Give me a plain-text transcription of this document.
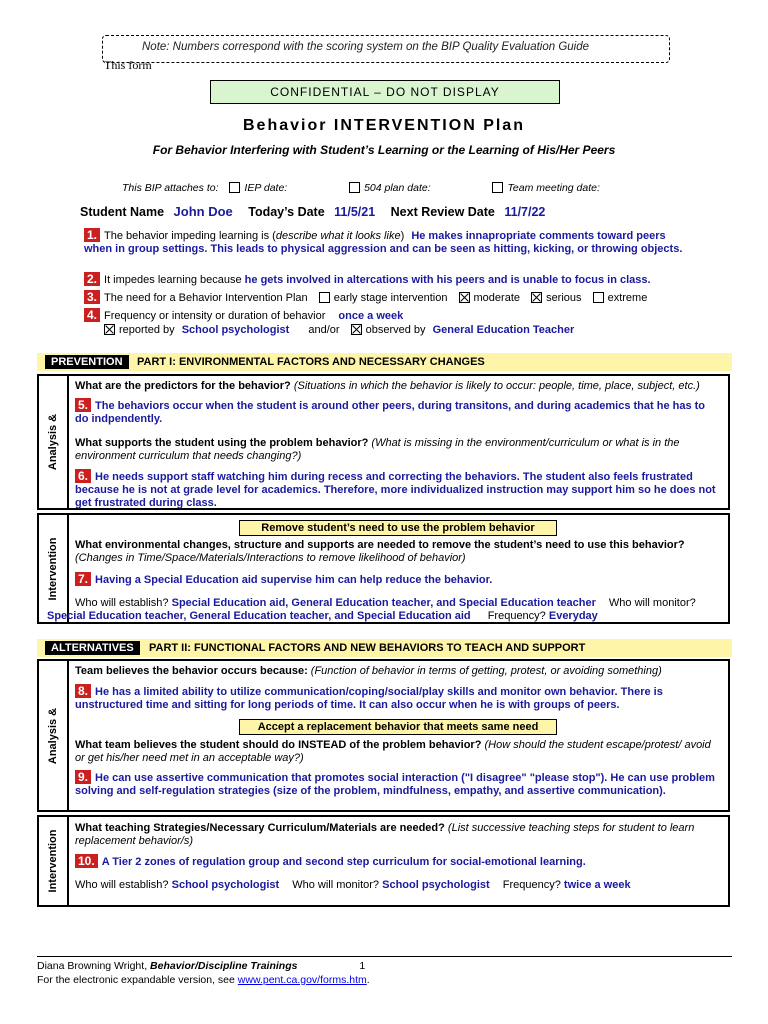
Note: Numbers correspond with the scoring system on the BIP Quality Evaluation Guide
This form
CONFIDENTIAL – DO NOT DISPLAY
Behavior INTERVENTION Plan
For Behavior Interfering with Student’s Learning or the Learning of His/Her Peers
This BIP attaches to: IEP date:	504 plan date:	Team meeting date:
Student Name John Doe Today’s Date 11/5/21 Next Review Date 11/7/22
1. The behavior impeding learning is (describe what it looks like) He makes innapropriate comments toward peers when in group settings. This leads to physical aggression and can be seen as hitting, kicking, or throwing objects.
2. It impedes learning because he gets involved in altercations with his peers and is unable to focus in class.
3. The need for a Behavior Intervention Plan early stage intervention moderate serious extreme
4. Frequency or intensity or duration of behavior once a week
reported by School psychologist and/or observed by General Education Teacher
PREVENTION	PART I: ENVIRONMENTAL FACTORS AND NECESSARY CHANGES
Analysis &
What are the predictors for the behavior? (Situations in which the behavior is likely to occur: people, time, place, subject, etc.)
5. The behaviors occur when the student is around other peers, during transitons, and during academics that he has to do indpendently.
What supports the student using the problem behavior? (What is missing in the environment/curriculum or what is in the environment curriculum that needs changing?)
6. He needs support staff watching him during recess and correcting the behaviors. The student also feels frustrated because he is not at grade level for academics. Therefore, more individualized instruction may support him so he does not get frustrated during class.
Intervention
Remove student’s need to use the problem behavior
What environmental changes, structure and supports are needed to remove the student’s need to use this behavior?
(Changes in Time/Space/Materials/Interactions to remove likelihood of behavior)
7. Having a Special Education aid supervise him can help reduce the behavior.
Who will establish? Special Education aid, General Education teacher, and Special Education teacher Who will monitor?
Special Education teacher, General Education teacher, and Special Education aid Frequency? Everyday
ALTERNATIVES	PART II: FUNCTIONAL FACTORS AND NEW BEHAVIORS TO TEACH AND SUPPORT
Analysis &
Team believes the behavior occurs because: (Function of behavior in terms of getting, protest, or avoiding something)
8. He has a limited ability to utilize communication/coping/social/play skills and monitor own behavior. There is unstructured time and sitting for long periods of time. It can also occur when he is with groups of peers.
Accept a replacement behavior that meets same need
What team believes the student should do INSTEAD of the problem behavior? (How should the student escape/protest/ avoid or get his/her need met in an acceptable way?)
9. He can use assertive communication that promotes social interaction ("I disagree" "please stop"). He can use problem solving and self-regulation strategies (size of the problem, mindfulness, empathy, and assertive communication).
Intervention
What teaching Strategies/Necessary Curriculum/Materials are needed? (List successive teaching steps for student to learn replacement behavior/s)
10. A Tier 2 zones of regulation group and second step curriculum for social-emotional learning.
Who will establish? School psychologist Who will monitor? School psychologist Frequency? twice a week
Diana Browning Wright, Behavior/Discipline Trainings	1
For the electronic expandable version, see www.pent.ca.gov/forms.htm.
